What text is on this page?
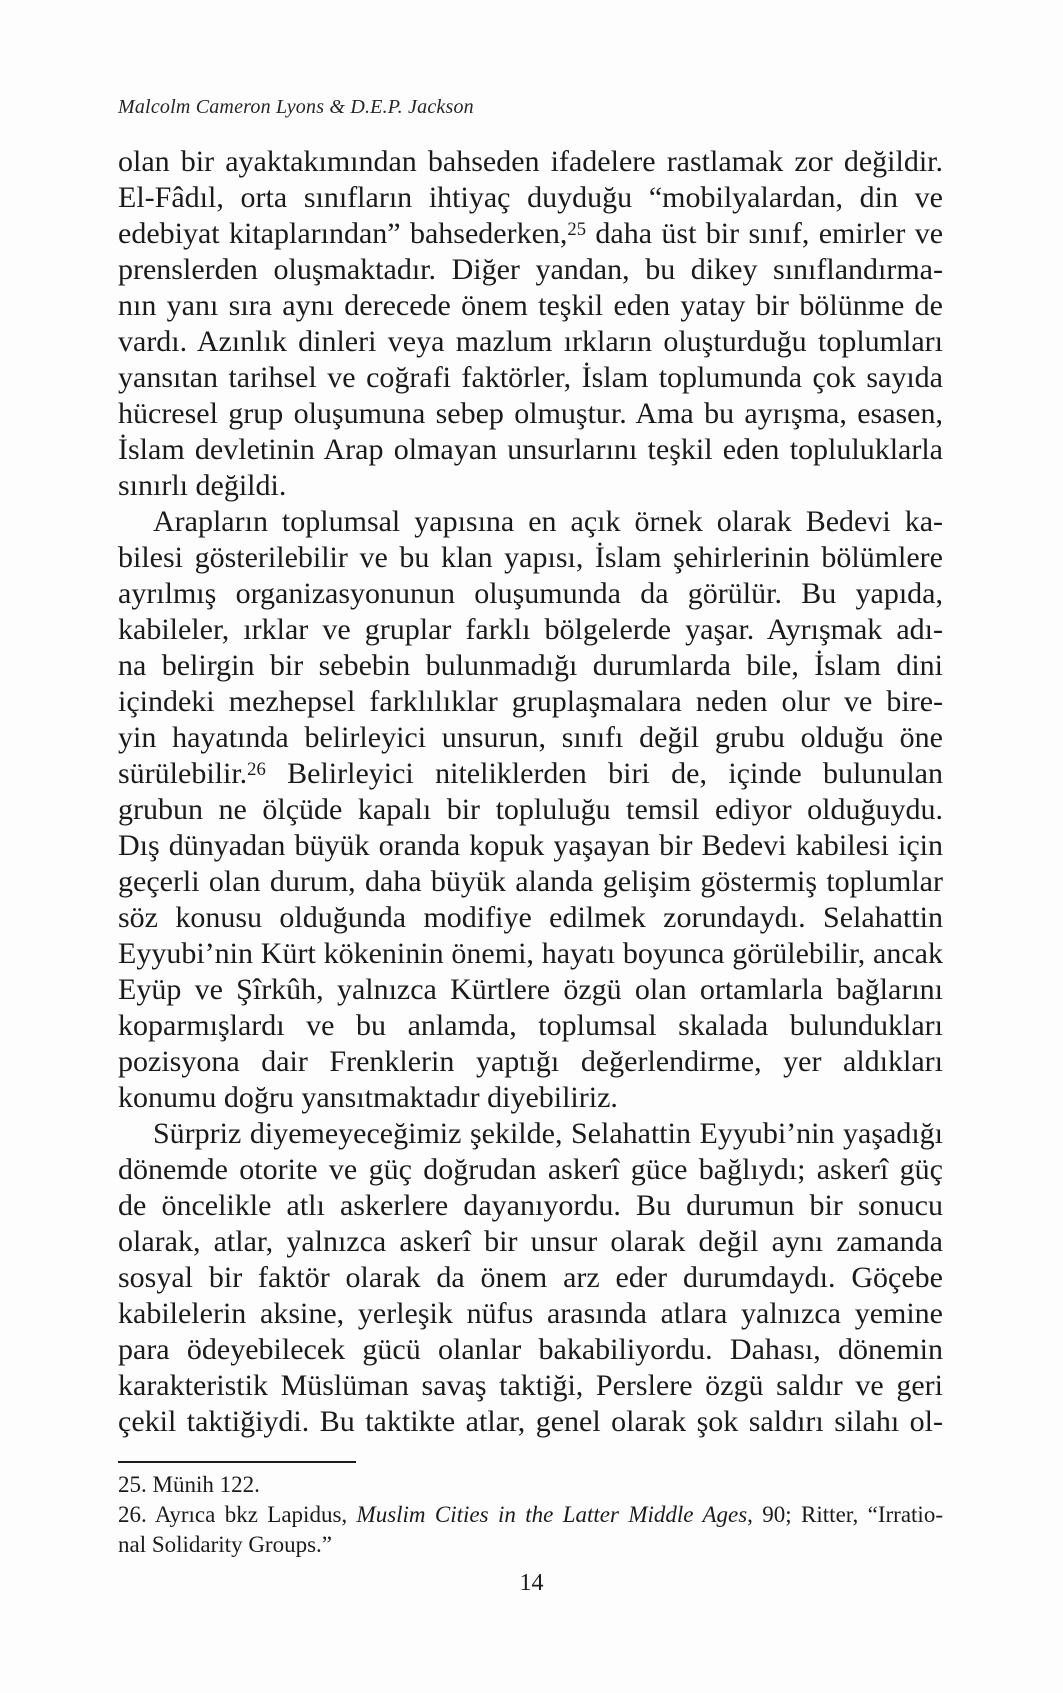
Malcolm Cameron Lyons & D.E.P. Jackson
olan bir ayaktakımından bahseden ifadelere rastlamak zor değildir.
El-Fâdıl, orta sınıfların ihtiyaç duyduğu “mobilyalardan, din ve
edebiyat kitaplarından” bahsederken,$^{25}$ daha üst bir sınıf, emirler ve
prenslerden oluşmaktadır. Diğer yandan, bu dikey sınıflandırma-
nın yanı sıra aynı derecede önem teşkil eden yatay bir bölünme de
vardı. Azınlık dinleri veya mazlum ırkların oluşturduğu toplumları
yansıtan tarihsel ve coğrafi faktörler, İslam toplumunda çok sayıda
hücresel grup oluşumuna sebep olmuştur. Ama bu ayrışma, esasen,
İslam devletinin Arap olmayan unsurlarını teşkil eden topluluklarla
sınırlı değildi.
Arapların toplumsal yapısına en açık örnek olarak Bedevi ka-
bilesi gösterilebilir ve bu klan yapısı, İslam şehirlerinin bölümlere
ayrılmış organizasyonunun oluşumunda da görülür. Bu yapıda,
kabileler, ırklar ve gruplar farklı bölgelerde yaşar. Ayrışmak adı-
na belirgin bir sebebin bulunmadığı durumlarda bile, İslam dini
içindeki mezhepsel farklılıklar gruplaşmalara neden olur ve bire-
yin hayatında belirleyici unsurun, sınıfı değil grubu olduğu öne
sürülebilir.$^{26}$ Belirleyici niteliklerden biri de, içinde bulunulan
grubun ne ölçüde kapalı bir topluluğu temsil ediyor olduğuydu.
Dış dünyadan büyük oranda kopuk yaşayan bir Bedevi kabilesi için
geçerli olan durum, daha büyük alanda gelişim göstermiş toplumlar
söz konusu olduğunda modifiye edilmek zorundaydı. Selahattin
Eyyubi’nin Kürt kökeninin önemi, hayatı boyunca görülebilir, ancak
Eyüp ve Şîrkûh, yalnızca Kürtlere özgü olan ortamlarla bağlarını
koparmışlardı ve bu anlamda, toplumsal skalada bulundukları
pozisyona dair Frenklerin yaptığı değerlendirme, yer aldıkları
konumu doğru yansıtmaktadır diyebiliriz.
Sürpriz diyemeyeceğimiz şekilde, Selahattin Eyyubi’nin yaşadığı
dönemde otorite ve güç doğrudan askerî güce bağlıydı; askerî güç
de öncelikle atlı askerlere dayanıyordu. Bu durumun bir sonucu
olarak, atlar, yalnızca askerî bir unsur olarak değil aynı zamanda
sosyal bir faktör olarak da önem arz eder durumdaydı. Göçebe
kabilelerin aksine, yerleşik nüfus arasında atlara yalnızca yemine
para ödeyebilecek gücü olanlar bakabiliyordu. Dahası, dönemin
karakteristik Müslüman savaş taktiği, Perslere özgü saldır ve geri
çekil taktiğiydi. Bu taktikte atlar, genel olarak şok saldırı silahı ol-
25. Münih 122.
26. Ayrıca bkz Lapidus, Muslim Cities in the Latter Middle Ages, 90; Ritter, “Irratio-
nal Solidarity Groups.”
14
